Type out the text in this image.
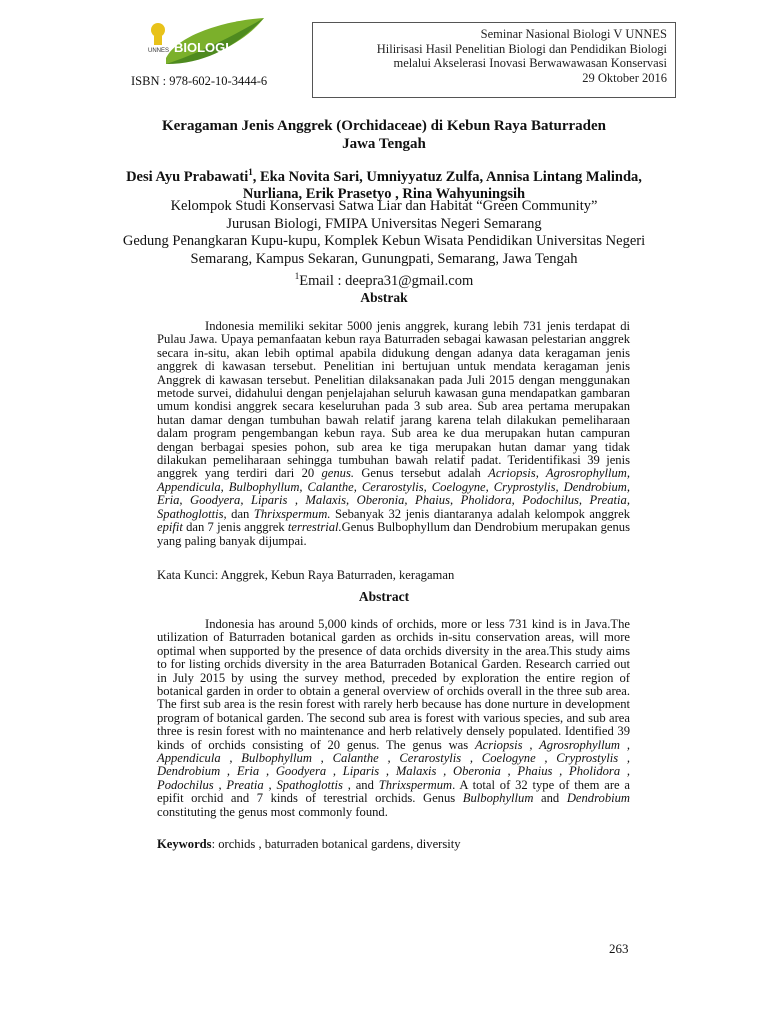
UNNES BIOLOGI
ISBN : 978-602-10-3444-6
Seminar Nasional Biologi V UNNES
Hilirisasi Hasil Penelitian Biologi dan Pendidikan Biologi
melalui Akselerasi Inovasi Berwawawasan Konservasi
29 Oktober 2016
Keragaman Jenis Anggrek (Orchidaceae) di Kebun Raya Baturraden
Jawa Tengah
Desi Ayu Prabawati$^1$, Eka Novita Sari, Umniyyatuz Zulfa, Annisa Lintang Malinda,
Nurliana, Erik Prasetyo , Rina Wahyuningsih
Kelompok Studi Konservasi Satwa Liar dan Habitat “Green Community”
Jurusan Biologi, FMIPA Universitas Negeri Semarang
Gedung Penangkaran Kupu-kupu, Komplek Kebun Wisata Pendidikan Universitas Negeri
Semarang, Kampus Sekaran, Gunungpati, Semarang, Jawa Tengah
$^1$Email : deepra31@gmail.com
Abstrak
Indonesia memiliki sekitar 5000 jenis anggrek, kurang lebih 731 jenis terdapat di Pulau Jawa. Upaya pemanfaatan kebun raya Baturraden sebagai kawasan pelestarian anggrek secara in-situ, akan lebih optimal apabila didukung dengan adanya data keragaman jenis anggrek di kawasan tersebut. Penelitian ini bertujuan untuk mendata keragaman jenis Anggrek di kawasan tersebut. Penelitian dilaksanakan pada Juli 2015 dengan menggunakan metode survei, didahului dengan penjelajahan seluruh kawasan guna mendapatkan gambaran umum kondisi anggrek secara keseluruhan pada 3 sub area. Sub area pertama merupakan hutan damar dengan tumbuhan bawah relatif jarang karena telah dilakukan pemeliharaan dalam program pengembangan kebun raya. Sub area ke dua merupakan hutan campuran dengan berbagai spesies pohon, sub area ke tiga merupakan hutan damar yang tidak dilakukan pemeliharaan sehingga tumbuhan bawah relatif padat. Teridentifikasi 39 jenis anggrek yang terdiri dari 20 genus. Genus tersebut adalah Acriopsis, Agrosrophyllum, Appendicula, Bulbophyllum, Calanthe, Cerarostylis, Coelogyne, Cryprostylis, Dendrobium, Eria, Goodyera, Liparis , Malaxis, Oberonia, Phaius, Pholidora, Podochilus, Preatia, Spathoglottis, dan Thrixspermum. Sebanyak 32 jenis diantaranya adalah kelompok anggrek epifit dan 7 jenis anggrek terrestrial.Genus Bulbophyllum dan Dendrobium merupakan genus yang paling banyak dijumpai.
Kata Kunci: Anggrek, Kebun Raya Baturraden, keragaman
Abstract
Indonesia has around 5,000 kinds of orchids, more or less 731 kind is in Java.The utilization of Baturraden botanical garden as orchids in-situ conservation areas, will more optimal when supported by the presence of data orchids diversity in the area.This study aims to for listing orchids diversity in the area Baturraden Botanical Garden. Research carried out in July 2015 by using the survey method, preceded by exploration the entire region of botanical garden in order to obtain a general overview of orchids overall in the three sub area. The first sub area is the resin forest with rarely herb because has done nurture in development program of botanical garden. The second sub area is forest with various species, and sub area three is resin forest with no maintenance and herb relatively densely populated. Identified 39 kinds of orchids consisting of 20 genus. The genus was Acriopsis , Agrosrophyllum , Appendicula , Bulbophyllum , Calanthe , Cerarostylis , Coelogyne , Cryprostylis , Dendrobium , Eria , Goodyera , Liparis , Malaxis , Oberonia , Phaius , Pholidora , Podochilus , Preatia , Spathoglottis , and Thrixspermum. A total of 32 type of them are a epifit orchid and 7 kinds of terestrial orchids. Genus Bulbophyllum and Dendrobium constituting the genus most commonly found.
Keywords: orchids , baturraden botanical gardens, diversity
263
